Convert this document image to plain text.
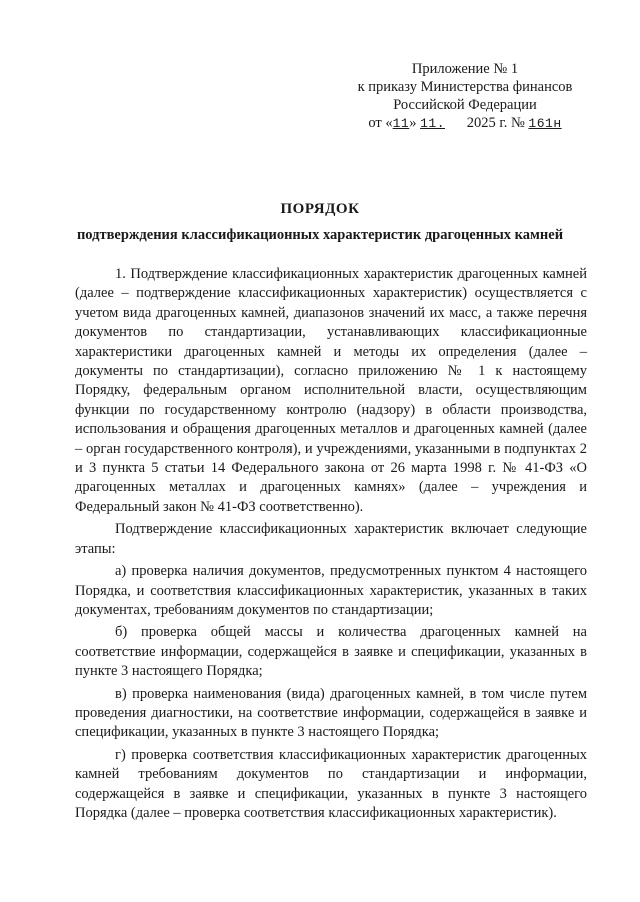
Приложение № 1
к приказу Министерства финансов
Российской Федерации
от «11» 11. 2025 г. № 161н
ПОРЯДОК
подтверждения классификационных характеристик драгоценных камней

1. Подтверждение классификационных характеристик драгоценных камней (далее – подтверждение классификационных характеристик) осуществляется с учетом вида драгоценных камней, диапазонов значений их масс, а также перечня документов по стандартизации, устанавливающих классификационные характеристики драгоценных камней и методы их определения (далее – документы по стандартизации), согласно приложению № 1 к настоящему Порядку, федеральным органом исполнительной власти, осуществляющим функции по государственному контролю (надзору) в области производства, использования и обращения драгоценных металлов и драгоценных камней (далее – орган государственного контроля), и учреждениями, указанными в подпунктах 2 и 3 пункта 5 статьи 14 Федерального закона от 26 марта 1998 г. № 41-ФЗ «О драгоценных металлах и драгоценных камнях» (далее – учреждения и Федеральный закон № 41-ФЗ соответственно).

Подтверждение классификационных характеристик включает следующие этапы:

а) проверка наличия документов, предусмотренных пунктом 4 настоящего Порядка, и соответствия классификационных характеристик, указанных в таких документах, требованиям документов по стандартизации;

б) проверка общей массы и количества драгоценных камней на соответствие информации, содержащейся в заявке и спецификации, указанных в пункте 3 настоящего Порядка;

в) проверка наименования (вида) драгоценных камней, в том числе путем проведения диагностики, на соответствие информации, содержащейся в заявке и спецификации, указанных в пункте 3 настоящего Порядка;

г) проверка соответствия классификационных характеристик драгоценных камней требованиям документов по стандартизации и информации, содержащейся в заявке и спецификации, указанных в пункте 3 настоящего Порядка (далее – проверка соответствия классификационных характеристик).
